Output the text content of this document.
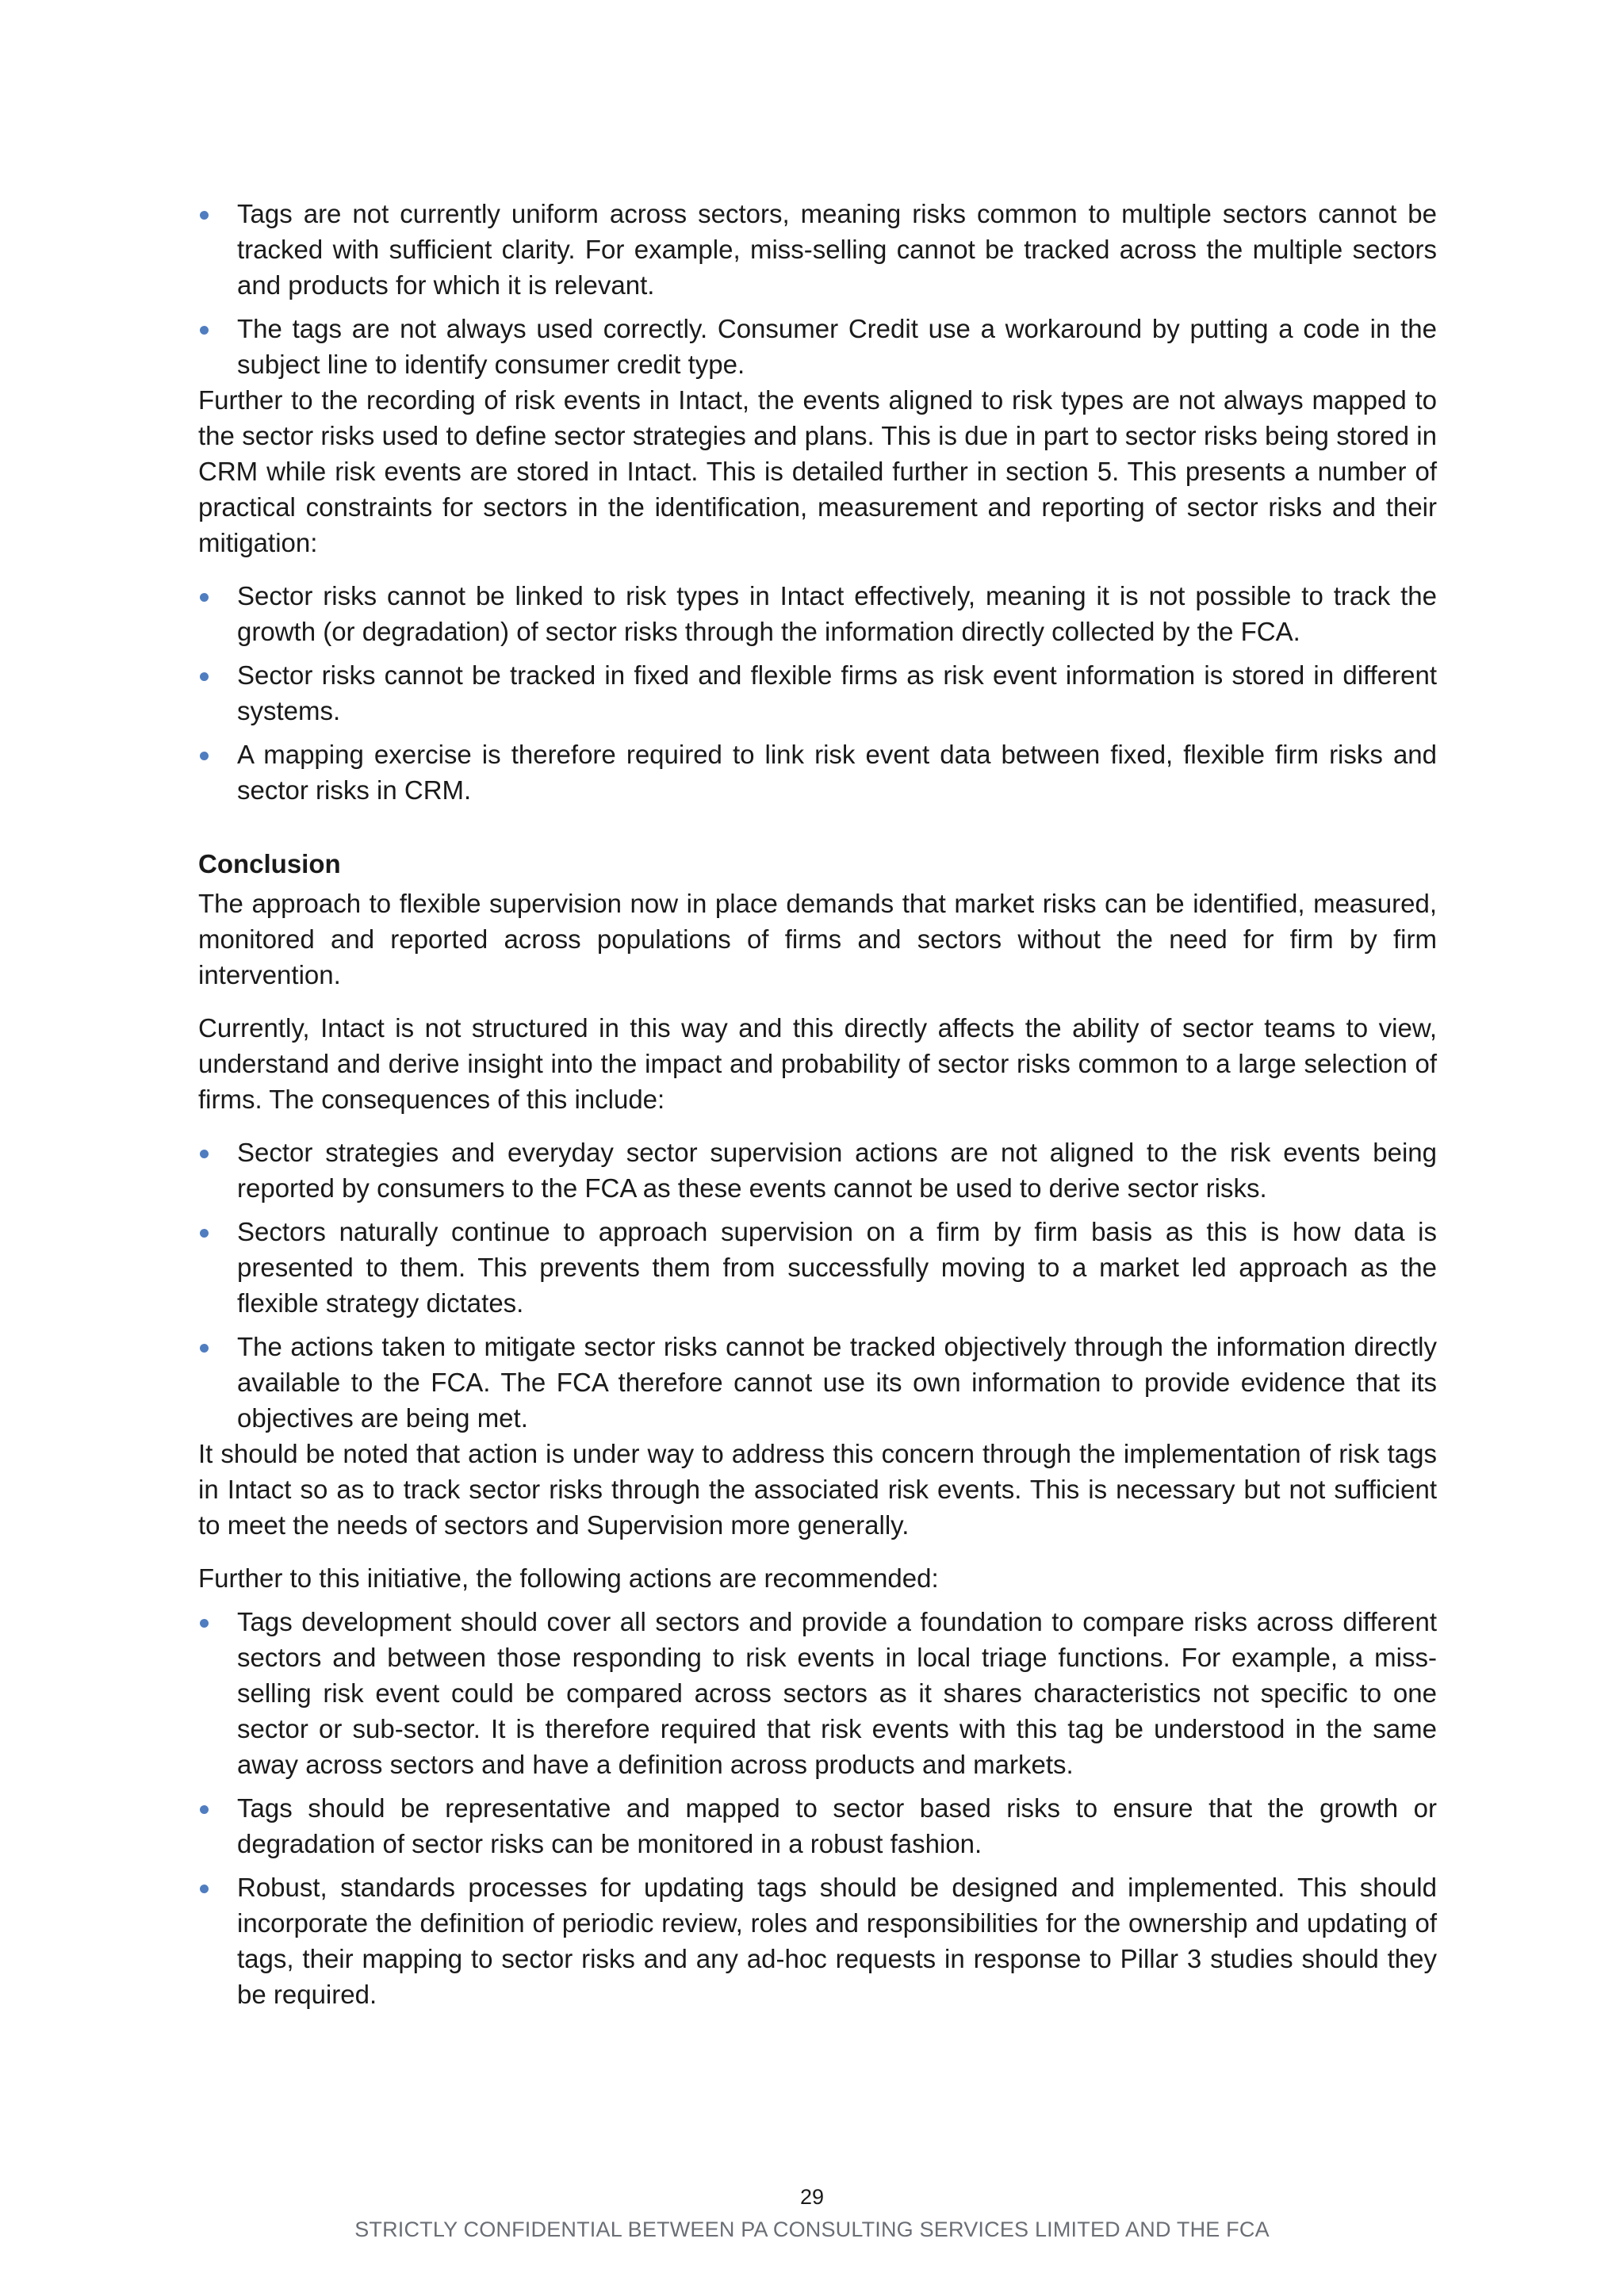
Tags are not currently uniform across sectors, meaning risks common to multiple sectors cannot be tracked with sufficient clarity. For example, miss-selling cannot be tracked across the multiple sectors and products for which it is relevant.
The tags are not always used correctly. Consumer Credit use a workaround by putting a code in the subject line to identify consumer credit type.

Further to the recording of risk events in Intact, the events aligned to risk types are not always mapped to the sector risks used to define sector strategies and plans. This is due in part to sector risks being stored in CRM while risk events are stored in Intact. This is detailed further in section 5. This presents a number of practical constraints for sectors in the identification, measurement and reporting of sector risks and their mitigation:

Sector risks cannot be linked to risk types in Intact effectively, meaning it is not possible to track the growth (or degradation) of sector risks through the information directly collected by the FCA.
Sector risks cannot be tracked in fixed and flexible firms as risk event information is stored in different systems.
A mapping exercise is therefore required to link risk event data between fixed, flexible firm risks and sector risks in CRM.

Conclusion

The approach to flexible supervision now in place demands that market risks can be identified, measured, monitored and reported across populations of firms and sectors without the need for firm by firm intervention.

Currently, Intact is not structured in this way and this directly affects the ability of sector teams to view, understand and derive insight into the impact and probability of sector risks common to a large selection of firms. The consequences of this include:

Sector strategies and everyday sector supervision actions are not aligned to the risk events being reported by consumers to the FCA as these events cannot be used to derive sector risks.
Sectors naturally continue to approach supervision on a firm by firm basis as this is how data is presented to them. This prevents them from successfully moving to a market led approach as the flexible strategy dictates.
The actions taken to mitigate sector risks cannot be tracked objectively through the information directly available to the FCA. The FCA therefore cannot use its own information to provide evidence that its objectives are being met.

It should be noted that action is under way to address this concern through the implementation of risk tags in Intact so as to track sector risks through the associated risk events. This is necessary but not sufficient to meet the needs of sectors and Supervision more generally.

Further to this initiative, the following actions are recommended:

Tags development should cover all sectors and provide a foundation to compare risks across different sectors and between those responding to risk events in local triage functions. For example, a miss-selling risk event could be compared across sectors as it shares characteristics not specific to one sector or sub-sector. It is therefore required that risk events with this tag be understood in the same away across sectors and have a definition across products and markets.
Tags should be representative and mapped to sector based risks to ensure that the growth or degradation of sector risks can be monitored in a robust fashion.
Robust, standards processes for updating tags should be designed and implemented. This should incorporate the definition of periodic review, roles and responsibilities for the ownership and updating of tags, their mapping to sector risks and any ad-hoc requests in response to Pillar 3 studies should they be required.
29
STRICTLY CONFIDENTIAL BETWEEN PA CONSULTING SERVICES LIMITED AND THE FCA
